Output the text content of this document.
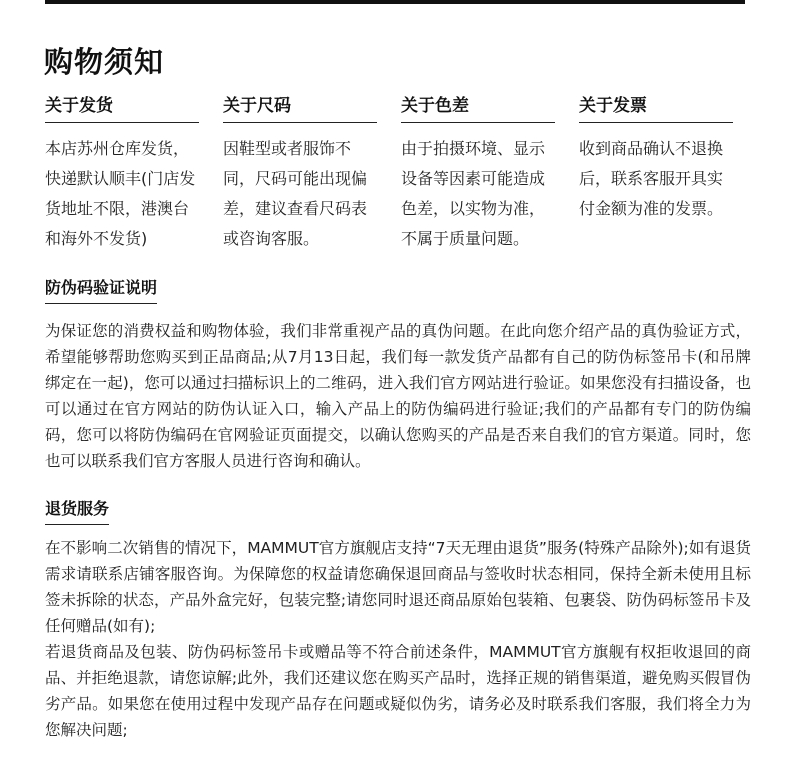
购物须知
关于发货
本店苏州仓库发货，快递默认顺丰(门店发货地址不限，港澳台和海外不发货)
关于尺码
因鞋型或者服饰不同，尺码可能出现偏差，建议查看尺码表或咨询客服。
关于色差
由于拍摄环境、显示设备等因素可能造成色差，以实物为准，不属于质量问题。
关于发票
收到商品确认不退换后，联系客服开具实付金额为准的发票。
防伪码验证说明

为保证您的消费权益和购物体验，我们非常重视产品的真伪问题。在此向您介绍产品的真伪验证方式，希望能够帮助您购买到正品商品;从7月13日起，我们每一款发货产品都有自己的防伪标签吊卡(和吊牌绑定在一起)，您可以通过扫描标识上的二维码，进入我们官方网站进行验证。如果您没有扫描设备，也可以通过在官方网站的防伪认证入口，输入产品上的防伪编码进行验证;我们的产品都有专门的防伪编码，您可以将防伪编码在官网验证页面提交，以确认您购买的产品是否来自我们的官方渠道。同时，您也可以联系我们官方客服人员进行咨询和确认。

退货服务

在不影响二次销售的情况下，MAMMUT官方旗舰店支持“7天无理由退货”服务(特殊产品除外);如有退货需求请联系店铺客服咨询。为保障您的权益请您确保退回商品与签收时状态相同，保持全新未使用且标签未拆除的状态，产品外盒完好，包装完整;请您同时退还商品原始包装箱、包裹袋、防伪码标签吊卡及任何赠品(如有);

若退货商品及包装、防伪码标签吊卡或赠品等不符合前述条件，MAMMUT官方旗舰有权拒收退回的商品、并拒绝退款，请您谅解;此外，我们还建议您在购买产品时，选择正规的销售渠道，避免购买假冒伪劣产品。如果您在使用过程中发现产品存在问题或疑似伪劣，请务必及时联系我们客服，我们将全力为您解决问题;
